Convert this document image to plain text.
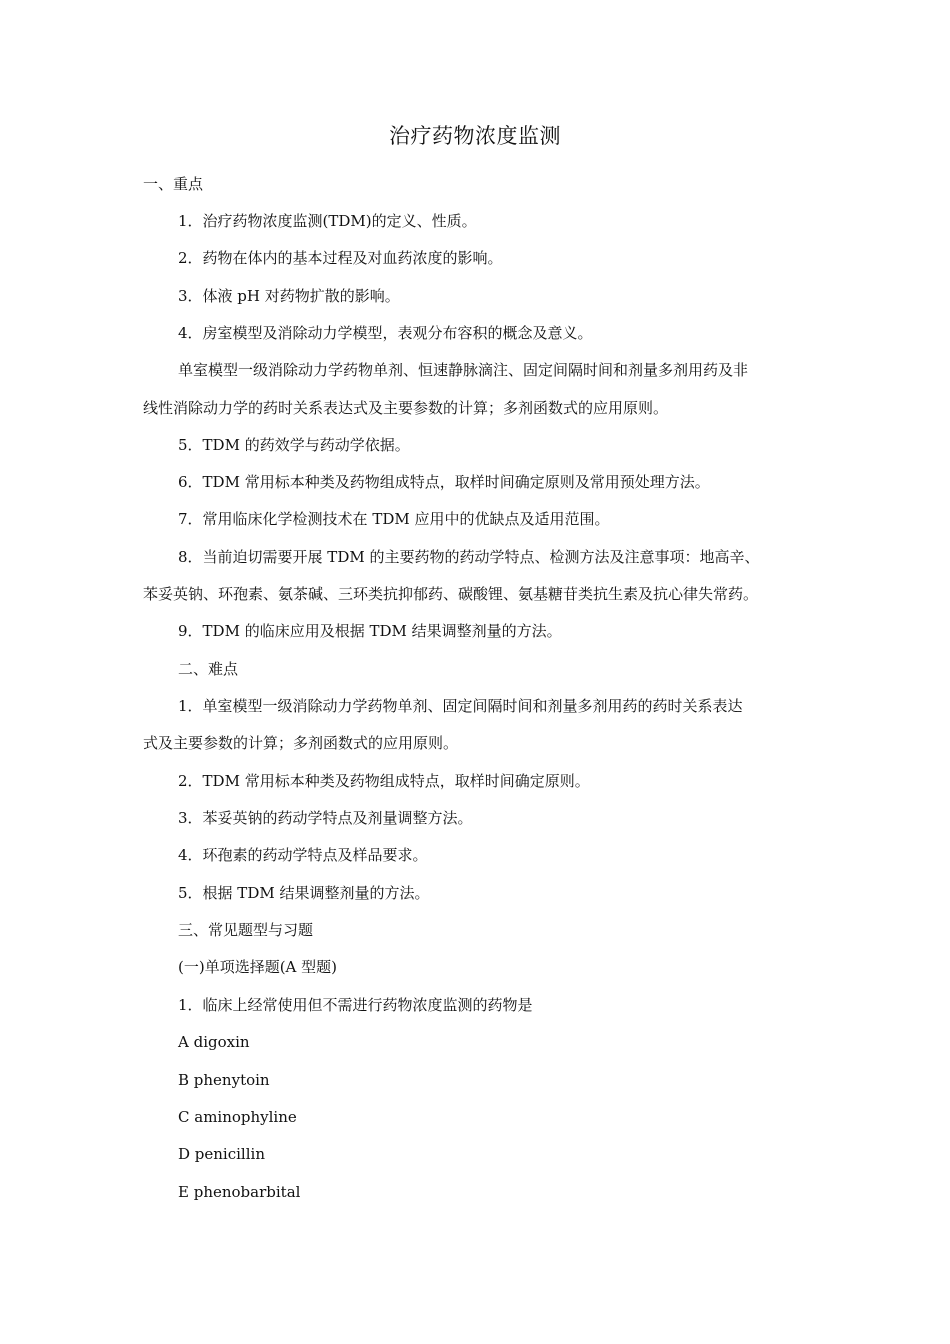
治疗药物浓度监测
一、重点
1．治疗药物浓度监测(TDM)的定义、性质。
2．药物在体内的基本过程及对血药浓度的影响。
3．体液 pH 对药物扩散的影响。
4．房室模型及消除动力学模型，表观分布容积的概念及意义。
单室模型一级消除动力学药物单剂、恒速静脉滴注、固定间隔时间和剂量多剂用药及非
线性消除动力学的药时关系表达式及主要参数的计算；多剂函数式的应用原则。
5．TDM 的药效学与药动学依据。
6．TDM 常用标本种类及药物组成特点，取样时间确定原则及常用预处理方法。
7．常用临床化学检测技术在 TDM 应用中的优缺点及适用范围。
8．当前迫切需要开展 TDM 的主要药物的药动学特点、检测方法及注意事项：地高辛、
苯妥英钠、环孢素、氨茶碱、三环类抗抑郁药、碳酸锂、氨基糖苷类抗生素及抗心律失常药。
9．TDM 的临床应用及根据 TDM 结果调整剂量的方法。
二、难点
1．单室模型一级消除动力学药物单剂、固定间隔时间和剂量多剂用药的药时关系表达
式及主要参数的计算；多剂函数式的应用原则。
2．TDM 常用标本种类及药物组成特点，取样时间确定原则。
3．苯妥英钠的药动学特点及剂量调整方法。
4．环孢素的药动学特点及样品要求。
5．根据 TDM 结果调整剂量的方法。
三、常见题型与习题
(一)单项选择题(A 型题)
1．临床上经常使用但不需进行药物浓度监测的药物是
A digoxin
B phenytoin
C aminophyline
D penicillin
E phenobarbital
